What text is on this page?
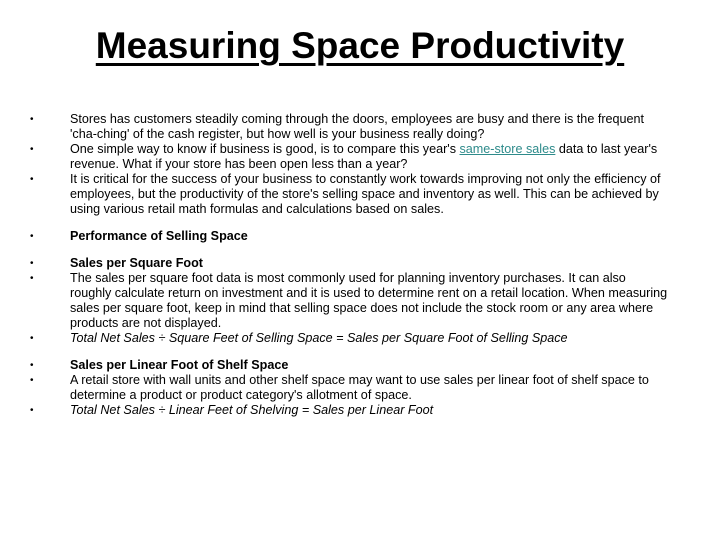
Measuring Space Productivity
•	Stores has customers steadily coming through the doors, employees are busy and there is the frequent 'cha-ching' of the cash register, but how well is your business really doing?
•	One simple way to know if business is good, is to compare this year's same-store sales data to last year's revenue. What if your store has been open less than a year?
•	It is critical for the success of your business to constantly work towards improving not only the efficiency of employees, but the productivity of the store's selling space and inventory as well. This can be achieved by using various retail math formulas and calculations based on sales.
•	Performance of Selling Space
•	Sales per Square Foot
•	The sales per square foot data is most commonly used for planning inventory purchases. It can also roughly calculate return on investment and it is used to determine rent on a retail location. When measuring sales per square foot, keep in mind that selling space does not include the stock room or any area where products are not displayed.
•	Total Net Sales ÷ Square Feet of Selling Space = Sales per Square Foot of Selling Space
•	Sales per Linear Foot of Shelf Space
•	A retail store with wall units and other shelf space may want to use sales per linear foot of shelf space to determine a product or product category's allotment of space.
•	Total Net Sales ÷ Linear Feet of Shelving = Sales per Linear Foot
